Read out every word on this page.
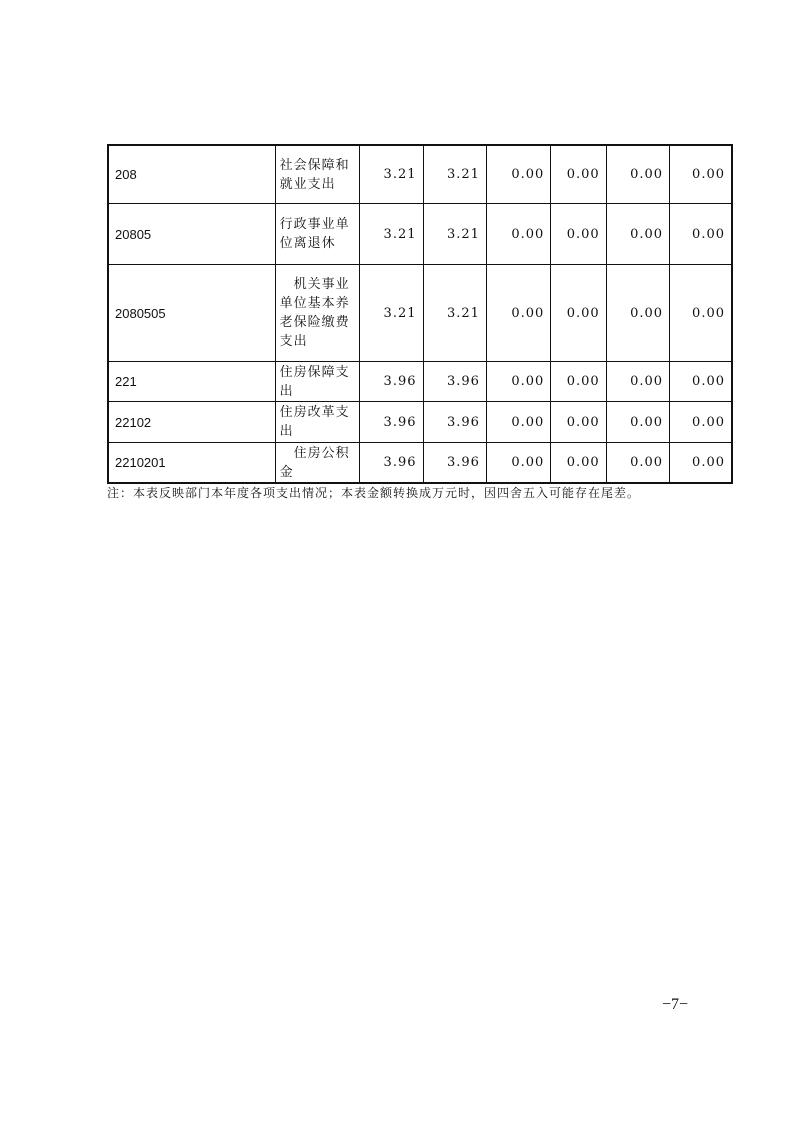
208	社会保障和就业支出	3.21	3.21	0.00	0.00	0.00	0.00
20805	行政事业单位离退休	3.21	3.21	0.00	0.00	0.00	0.00
2080505	机关事业单位基本养老保险缴费支出	3.21	3.21	0.00	0.00	0.00	0.00
221	住房保障支出	3.96	3.96	0.00	0.00	0.00	0.00
22102	住房改革支出	3.96	3.96	0.00	0.00	0.00	0.00
2210201	住房公积金	3.96	3.96	0.00	0.00	0.00	0.00
注：本表反映部门本年度各项支出情况；本表金额转换成万元时，因四舍五入可能存在尾差。
−7−
